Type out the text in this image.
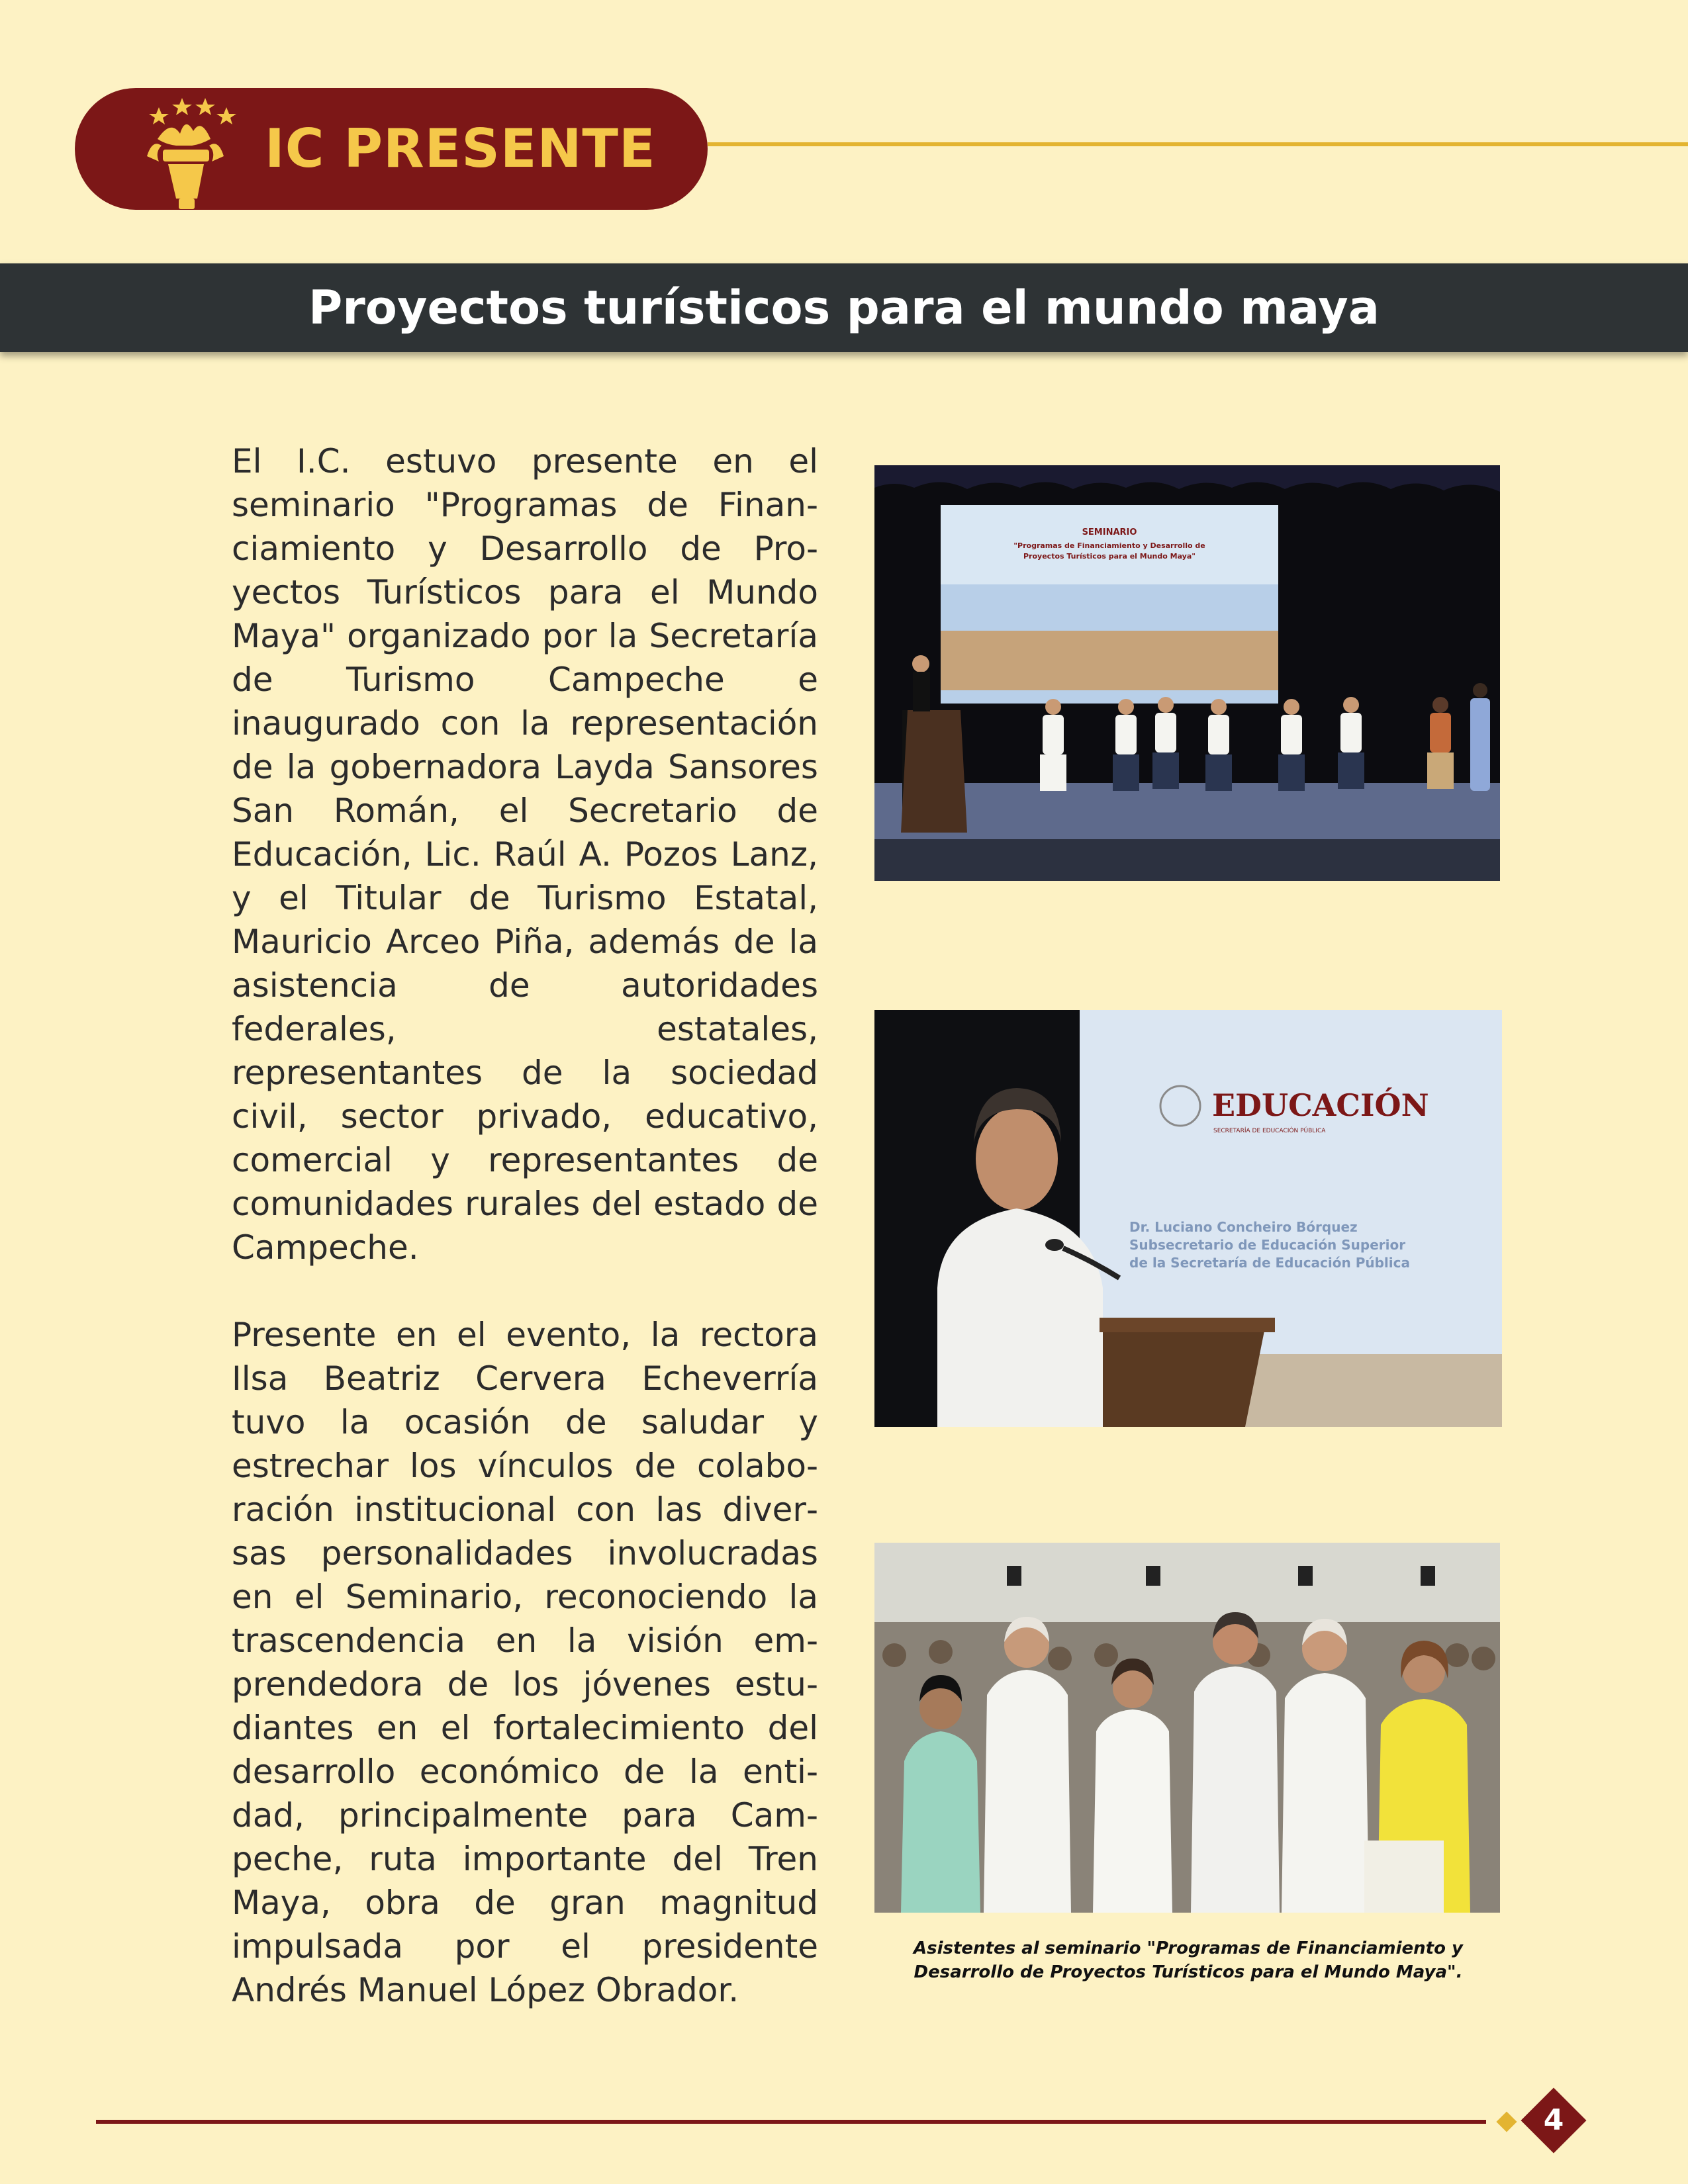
IC PRESENTE
Proyectos turísticos para el mundo maya

El I.C. estuvo presente en el seminario "Programas de Financiamiento y Desarrollo de Proyectos Turísticos para el Mundo Maya" organizado por la Secretaría de Turismo Campeche e inaugurado con la representación de la gobernadora Layda Sansores San Román, el Secretario de Educación, Lic. Raúl A. Pozos Lanz, y el Titular de Turismo Estatal, Mauricio Arceo Piña, además de la asistencia de autoridades federales, estatales, representantes de la sociedad civil, sector privado, educativo, comercial y representantes de comunidades rurales del estado de Campeche.

Presente en el evento, la rectora Ilsa Beatriz Cervera Echeverría tuvo la ocasión de saludar y estrechar los vínculos de colaboración institucional con las diversas personalidades involucradas en el Seminario, reconociendo la trascendencia en la visión emprendedora de los jóvenes estudiantes en el fortalecimiento del desarrollo económico de la entidad, principalmente para Campeche, ruta importante del Tren Maya, obra de gran magnitud impulsada por el presidente Andrés Manuel López Obrador.

SEMINARIO
"Programas de Financiamiento y Desarrollo de
Proyectos Turísticos para el Mundo Maya"
EDUCACIÓN
SECRETARÍA DE EDUCACIÓN PÚBLICA
Dr. Luciano Concheiro Bórquez
Subsecretario de Educación Superior
de la Secretaría de Educación Pública
Asistentes al seminario "Programas de Financiamiento y Desarrollo de Proyectos Turísticos para el Mundo Maya".
4
